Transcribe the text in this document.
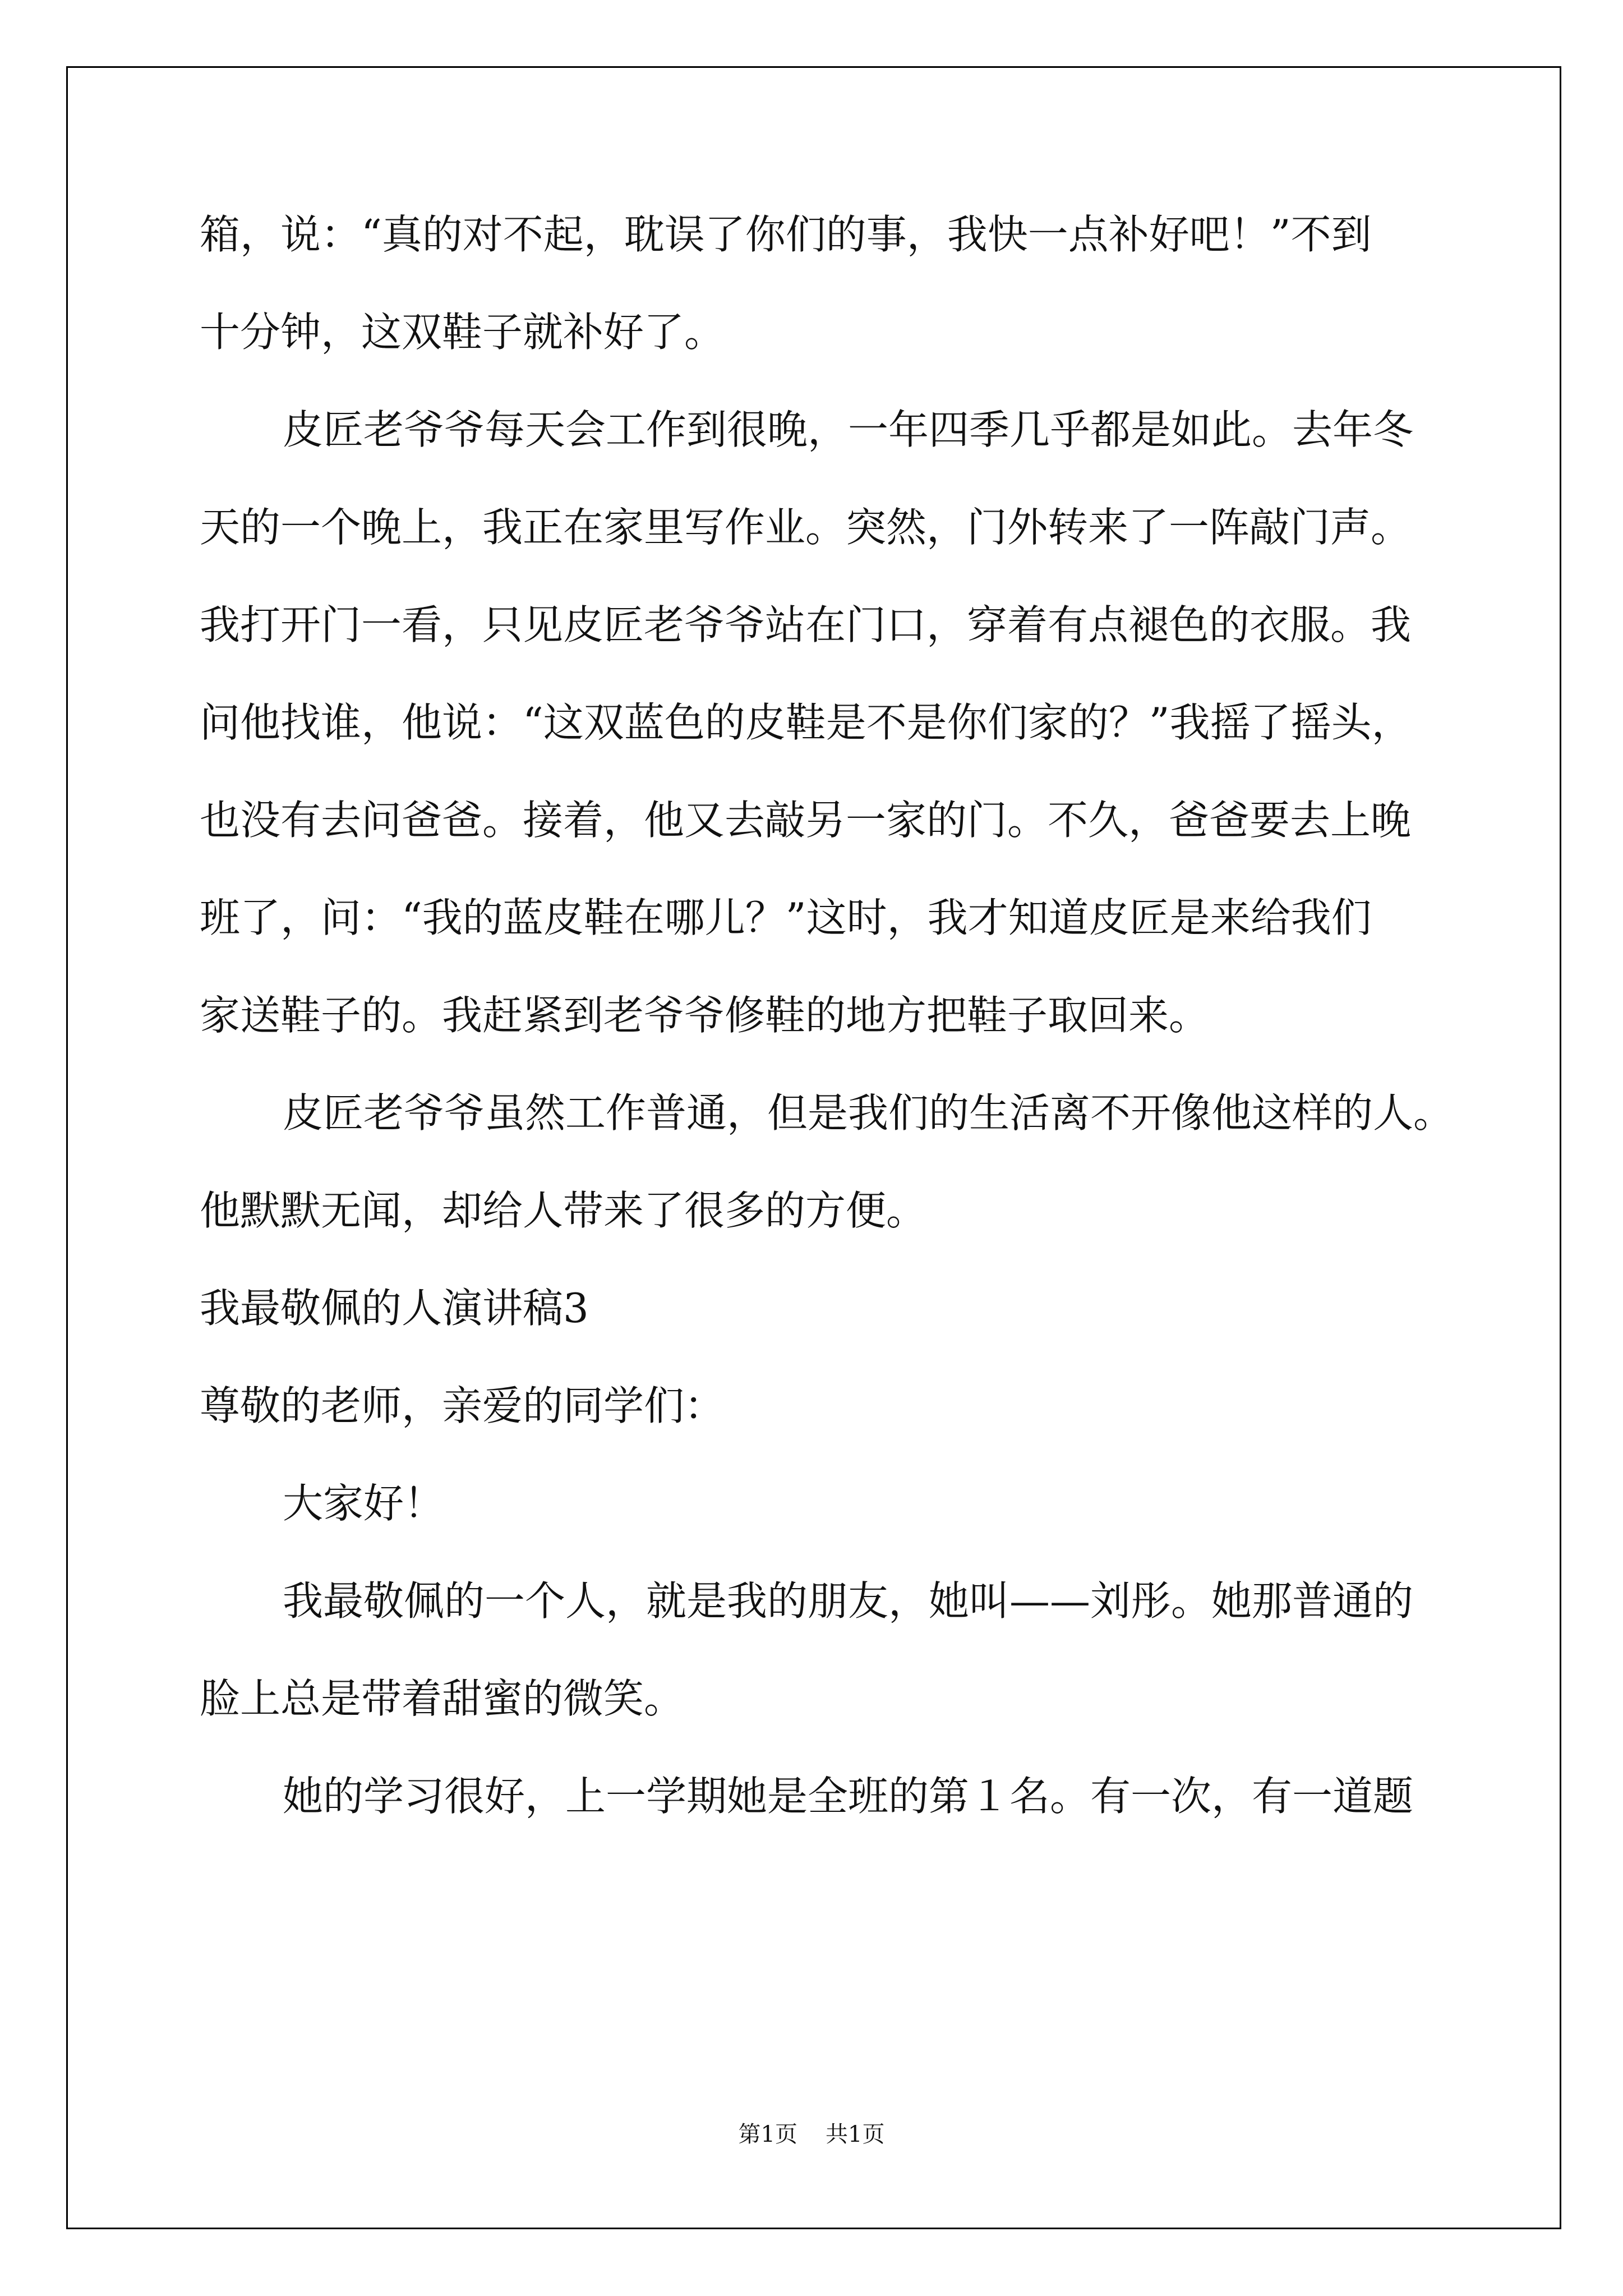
箱，说：“真的对不起，耽误了你们的事，我快一点补好吧！”不到
十分钟，这双鞋子就补好了。
皮匠老爷爷每天会工作到很晚，一年四季几乎都是如此。去年冬
天的一个晚上，我正在家里写作业。突然，门外转来了一阵敲门声。
我打开门一看，只见皮匠老爷爷站在门口，穿着有点褪色的衣服。我
问他找谁，他说：“这双蓝色的皮鞋是不是你们家的？”我摇了摇头，
也没有去问爸爸。接着，他又去敲另一家的门。不久，爸爸要去上晚
班了，问：“我的蓝皮鞋在哪儿？”这时，我才知道皮匠是来给我们
家送鞋子的。我赶紧到老爷爷修鞋的地方把鞋子取回来。
皮匠老爷爷虽然工作普通，但是我们的生活离不开像他这样的人。
他默默无闻，却给人带来了很多的方便。
我最敬佩的人演讲稿3
尊敬的老师，亲爱的同学们：
大家好！
我最敬佩的一个人，就是我的朋友，她叫——刘彤。她那普通的
脸上总是带着甜蜜的微笑。
她的学习很好，上一学期她是全班的第１名。有一次，有一道题
第1页 共1页
